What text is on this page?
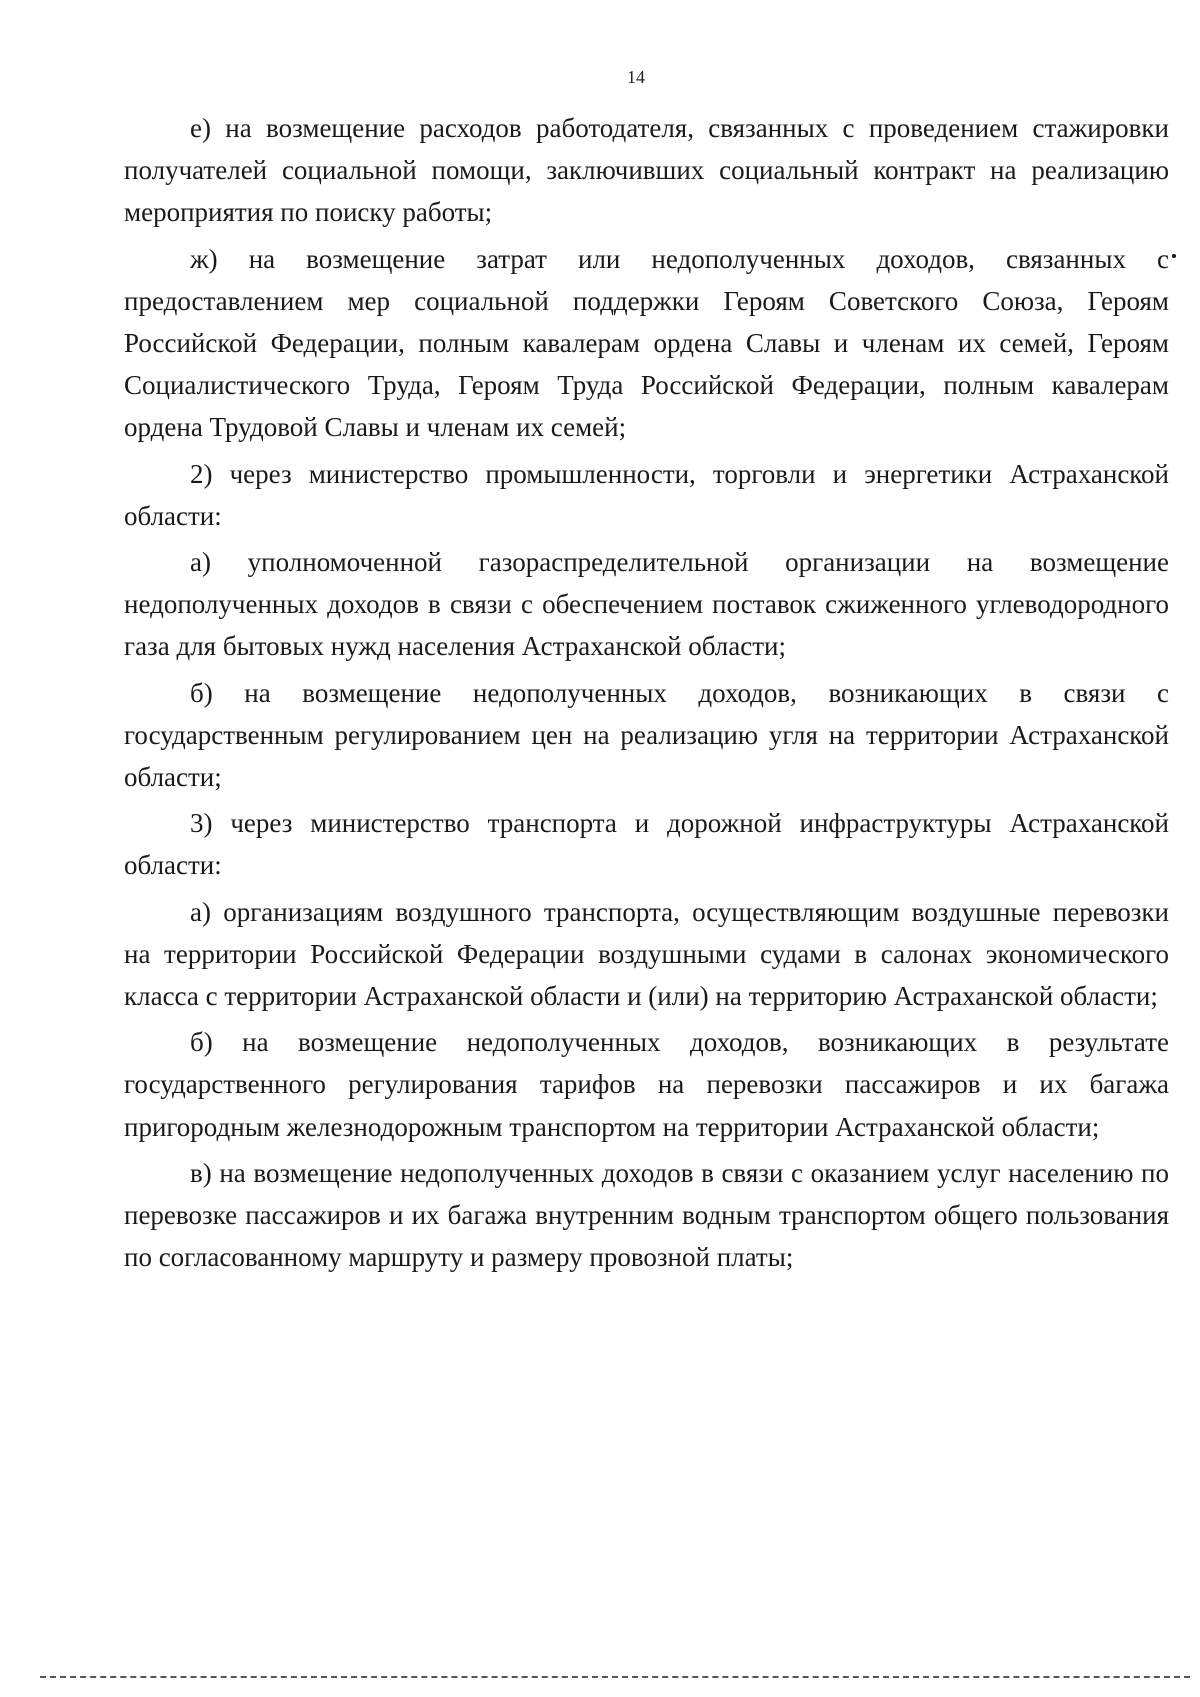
14

е) на возмещение расходов работодателя, связанных с проведением стажировки получателей социальной помощи, заключивших социальный контракт на реализацию мероприятия по поиску работы;

ж) на возмещение затрат или недополученных доходов, связанных с предоставлением мер социальной поддержки Героям Советского Союза, Героям Российской Федерации, полным кавалерам ордена Славы и членам их семей, Героям Социалистического Труда, Героям Труда Российской Федерации, полным кавалерам ордена Трудовой Славы и членам их семей;

2) через министерство промышленности, торговли и энергетики Астраханской области:

а) уполномоченной газораспределительной организации на возмещение недополученных доходов в связи с обеспечением поставок сжиженного углеводородного газа для бытовых нужд населения Астраханской области;

б) на возмещение недополученных доходов, возникающих в связи с государственным регулированием цен на реализацию угля на территории Астраханской области;

3) через министерство транспорта и дорожной инфраструктуры Астраханской области:

а) организациям воздушного транспорта, осуществляющим воздушные перевозки на территории Российской Федерации воздушными судами в салонах экономического класса с территории Астраханской области и (или) на территорию Астраханской области;

б) на возмещение недополученных доходов, возникающих в результате государственного регулирования тарифов на перевозки пассажиров и их багажа пригородным железнодорожным транспортом на территории Астраханской области;

в) на возмещение недополученных доходов в связи с оказанием услуг населению по перевозке пассажиров и их багажа внутренним водным транспортом общего пользования по согласованному маршруту и размеру провозной платы;
